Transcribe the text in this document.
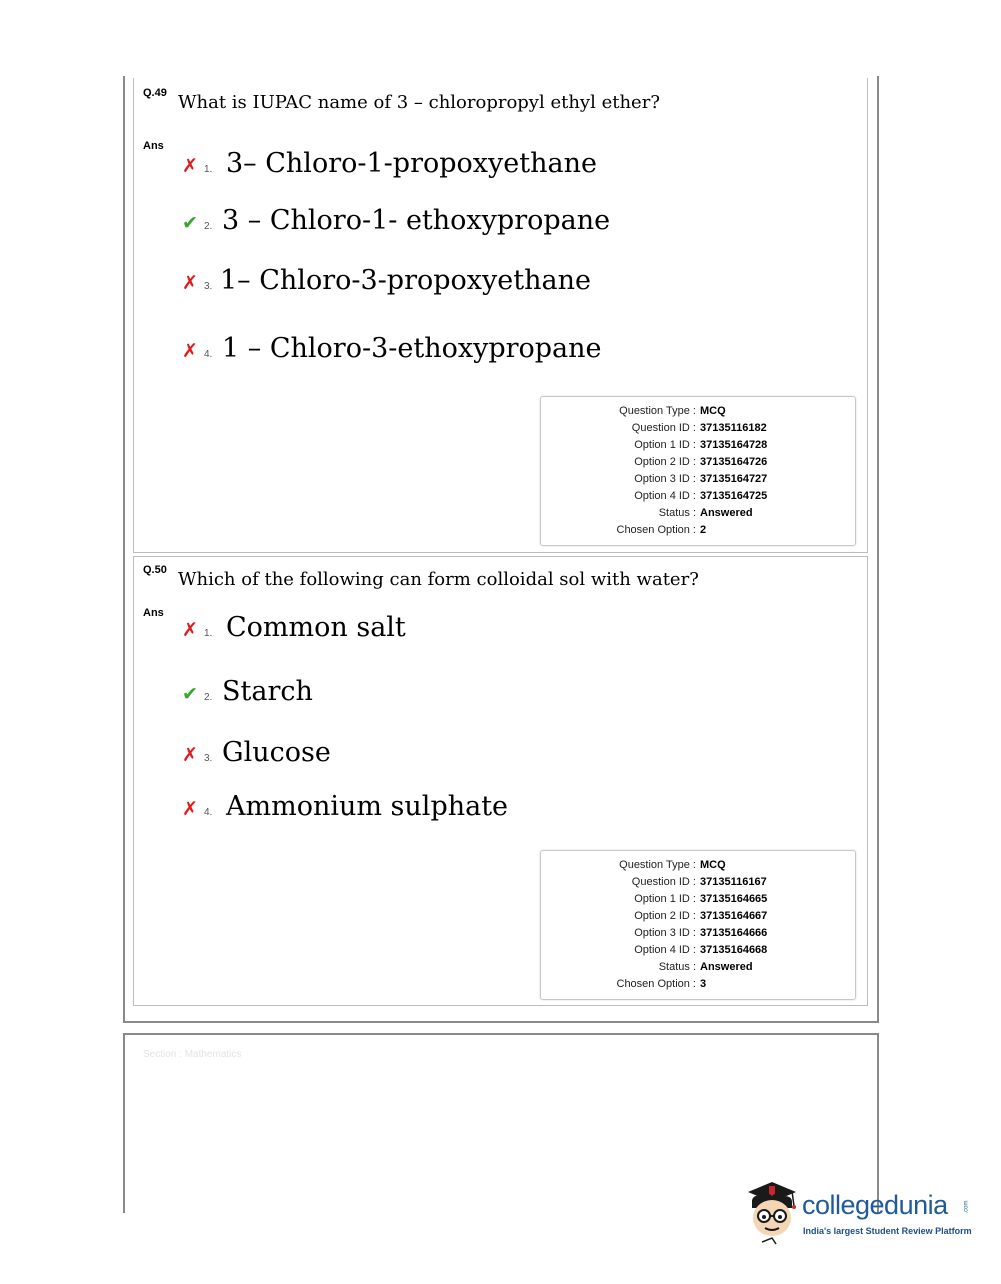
Q.49 What is IUPAC name of 3 – chloropropyl ethyl ether?
Ans
✗ 1. 3– Chloro-1-propoxyethane
✔ 2. 3 – Chloro-1- ethoxypropane
✗ 3. 1– Chloro-3-propoxyethane
✗ 4. 1 – Chloro-3-ethoxypropane
Question Type : MCQ
Question ID : 37135116182
Option 1 ID : 37135164728
Option 2 ID : 37135164726
Option 3 ID : 37135164727
Option 4 ID : 37135164725
Status : Answered
Chosen Option : 2
Q.50 Which of the following can form colloidal sol with water?
Ans
✗ 1. Common salt
✔ 2. Starch
✗ 3. Glucose
✗ 4. Ammonium sulphate
Question Type : MCQ
Question ID : 37135116167
Option 1 ID : 37135164665
Option 2 ID : 37135164667
Option 3 ID : 37135164666
Option 4 ID : 37135164668
Status : Answered
Chosen Option : 3
Section : Mathematics
collegedunia	.com
India's largest Student Review Platform
